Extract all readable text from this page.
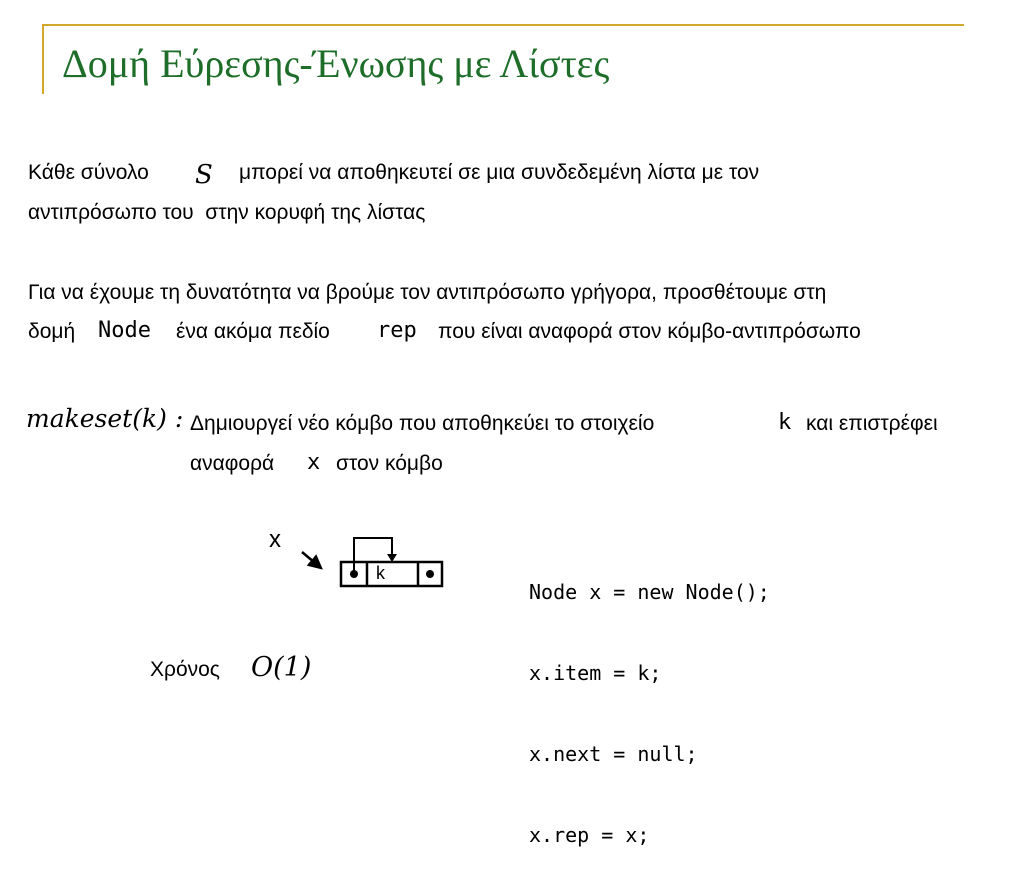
Δομή Εύρεσης-Ένωσης με Λίστες
Κάθε σύνολο S μπορεί να αποθηκευτεί σε μια συνδεδεμένη λίστα με τον
αντιπρόσωπο του  στην κορυφή της λίστας
Για να έχουμε τη δυνατότητα να βρούμε τον αντιπρόσωπο γρήγορα, προσθέτουμε στη
δομή Node ένα ακόμα πεδίο rep που είναι αναφορά στον κόμβο-αντιπρόσωπο
makeset(k) : Δημιουργεί νέο κόμβο που αποθηκεύει το στοιχείο	k και επιστρέφει
αναφορά x στον κόμβο
x
k

Node x = new Node();

x.item = k;

x.next = null;

x.rep = x;

Χρόνος O(1)
